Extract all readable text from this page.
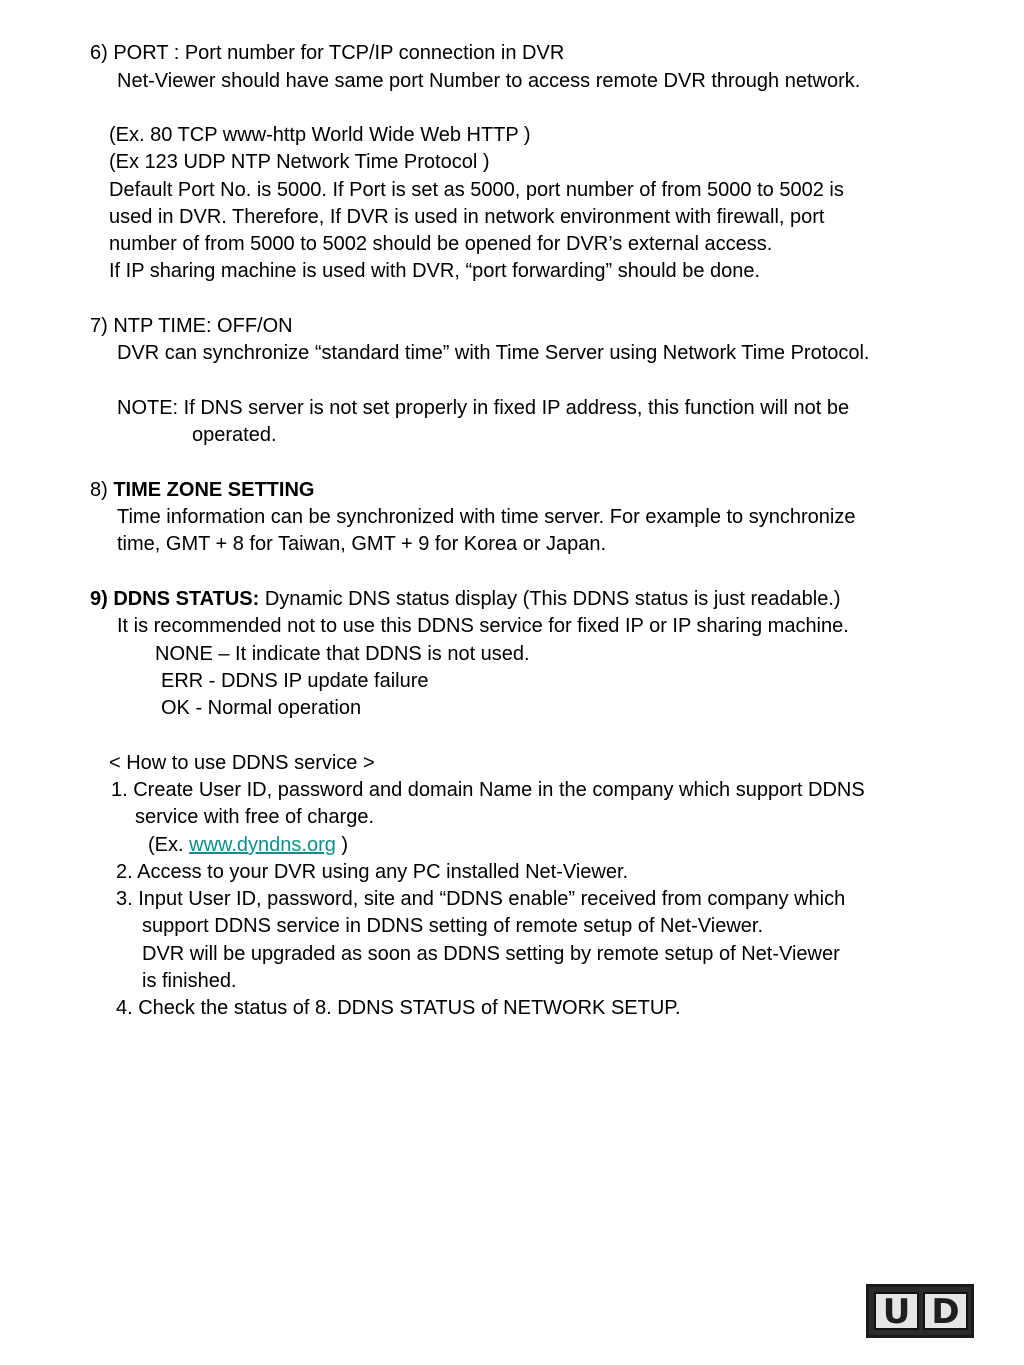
6) PORT : Port number for TCP/IP connection in DVR

Net-Viewer should have same port Number to access remote DVR through network.

(Ex. 80 TCP www-http World Wide Web HTTP )

(Ex 123 UDP NTP Network Time Protocol )

Default Port No. is 5000. If Port is set as 5000, port number of from 5000 to 5002 is

used in DVR. Therefore, If DVR is used in network environment with firewall, port

number of from 5000 to 5002 should be opened for DVR’s external access.

If IP sharing machine is used with DVR, “port forwarding” should be done.

7) NTP TIME: OFF/ON

DVR can synchronize “standard time” with Time Server using Network Time Protocol.

NOTE: If DNS server is not set properly in fixed IP address, this function will not be

operated.

8) TIME ZONE SETTING

Time information can be synchronized with time server. For example to synchronize

time, GMT + 8 for Taiwan, GMT + 9 for Korea or Japan.

9) DDNS STATUS: Dynamic DNS status display (This DDNS status is just readable.)

It is recommended not to use this DDNS service for fixed IP or IP sharing machine.

NONE – It indicate that DDNS is not used.

ERR - DDNS IP update failure

OK - Normal operation

< How to use DDNS service >

1. Create User ID, password and domain Name in the company which support DDNS

service with free of charge.

(Ex. www.dyndns.org )

2. Access to your DVR using any PC installed Net-Viewer.

3. Input User ID, password, site and “DDNS enable” received from company which

support DDNS service in DDNS setting of remote setup of Net-Viewer.

DVR will be upgraded as soon as DDNS setting by remote setup of Net-Viewer

is finished.

4. Check the status of 8. DDNS STATUS of NETWORK SETUP.

U D
